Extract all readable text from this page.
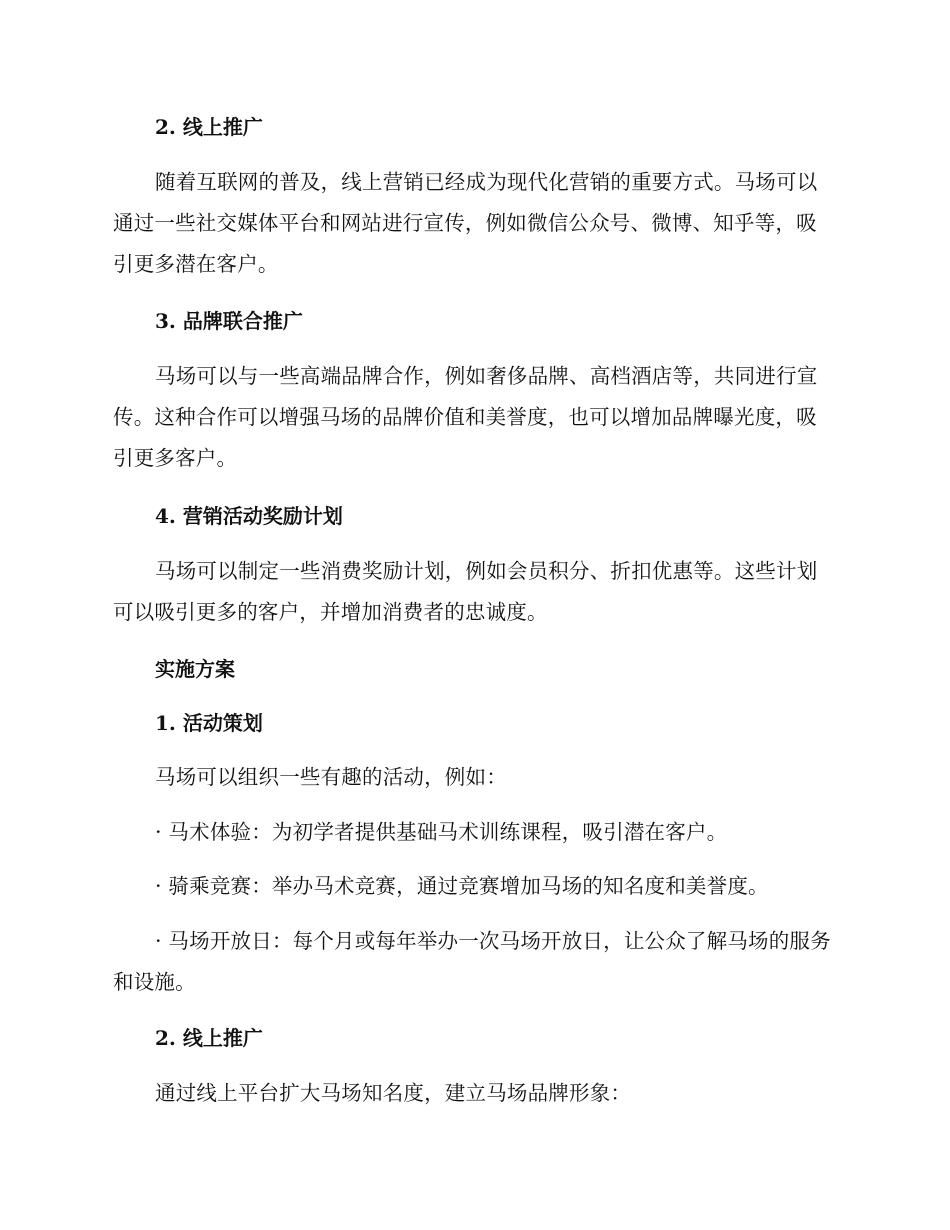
2. 线上推广
随着互联网的普及，线上营销已经成为现代化营销的重要方式。马场可以通过一些社交媒体平台和网站进行宣传，例如微信公众号、微博、知乎等，吸引更多潜在客户。
3. 品牌联合推广
马场可以与一些高端品牌合作，例如奢侈品牌、高档酒店等，共同进行宣传。这种合作可以增强马场的品牌价值和美誉度，也可以增加品牌曝光度，吸引更多客户。
4. 营销活动奖励计划
马场可以制定一些消费奖励计划，例如会员积分、折扣优惠等。这些计划可以吸引更多的客户，并增加消费者的忠诚度。
实施方案
1. 活动策划
马场可以组织一些有趣的活动，例如：
· 马术体验：为初学者提供基础马术训练课程，吸引潜在客户。
· 骑乘竞赛：举办马术竞赛，通过竞赛增加马场的知名度和美誉度。
· 马场开放日：每个月或每年举办一次马场开放日，让公众了解马场的服务和设施。
2. 线上推广
通过线上平台扩大马场知名度，建立马场品牌形象：
